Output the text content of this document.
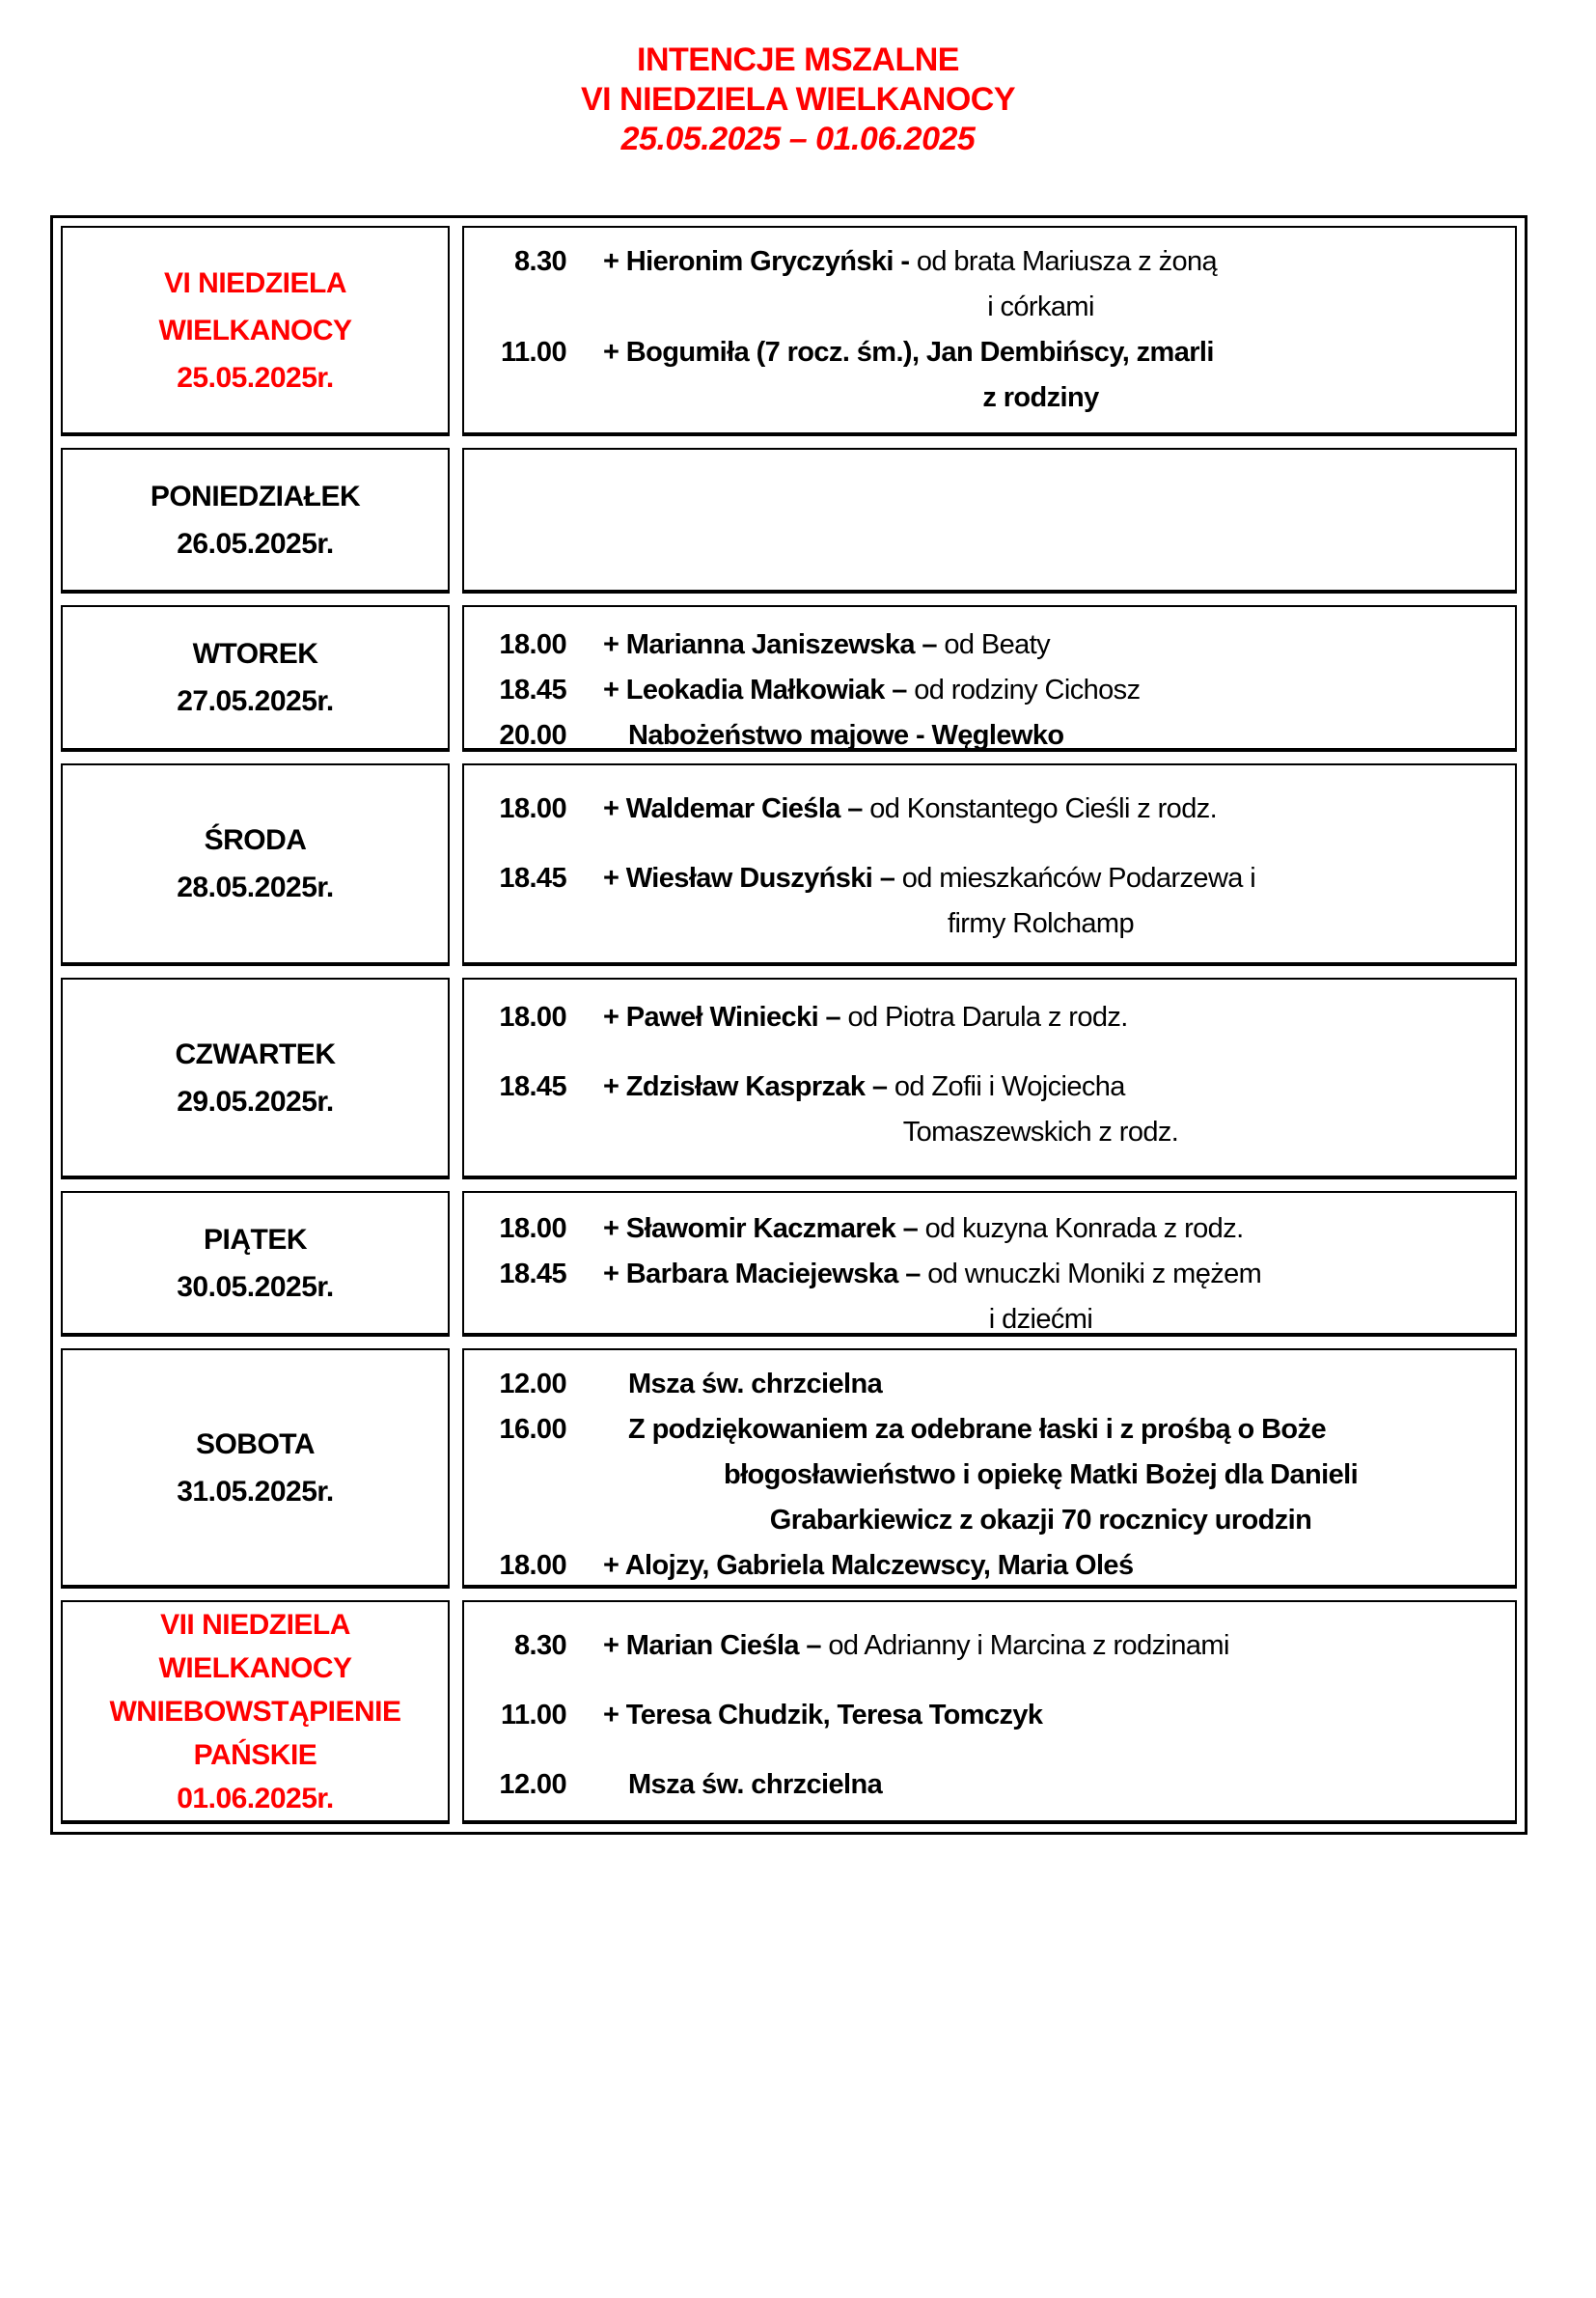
INTENCJE MSZALNE
VI NIEDZIELA WIELKANOCY
25.05.2025 – 01.06.2025
VI NIEDZIELA
WIELKANOCY
25.05.2025r.
8.30 + Hieronim Gryczyński - od brata Mariusza z żoną
i córkami
11.00 + Bogumiła (7 rocz. śm.), Jan Dembińscy, zmarli
z rodziny
PONIEDZIAŁEK
26.05.2025r.
WTOREK
27.05.2025r.
18.00 + Marianna Janiszewska – od Beaty
18.45 + Leokadia Małkowiak – od rodziny Cichosz
20.00	Nabożeństwo majowe - Węglewko
ŚRODA
28.05.2025r.
18.00 + Waldemar Cieśla – od Konstantego Cieśli z rodz.
18.45 + Wiesław Duszyński – od mieszkańców Podarzewa i
firmy Rolchamp
CZWARTEK
29.05.2025r.
18.00 + Paweł Winiecki – od Piotra Darula z rodz.
18.45 + Zdzisław Kasprzak – od Zofii i Wojciecha
Tomaszewskich z rodz.
PIĄTEK
30.05.2025r.
18.00 + Sławomir Kaczmarek – od kuzyna Konrada z rodz.
18.45 + Barbara Maciejewska – od wnuczki Moniki z mężem
i dziećmi
SOBOTA
31.05.2025r.
12.00	Msza św. chrzcielna
16.00	Z podziękowaniem za odebrane łaski i z prośbą o Boże
błogosławieństwo i opiekę Matki Bożej dla Danieli
Grabarkiewicz z okazji 70 rocznicy urodzin
18.00 + Alojzy, Gabriela Malczewscy, Maria Oleś
VII NIEDZIELA
WIELKANOCY
WNIEBOWSTĄPIENIE
PAŃSKIE
01.06.2025r.
8.30 + Marian Cieśla – od Adrianny i Marcina z rodzinami
11.00 + Teresa Chudzik, Teresa Tomczyk
12.00	Msza św. chrzcielna
